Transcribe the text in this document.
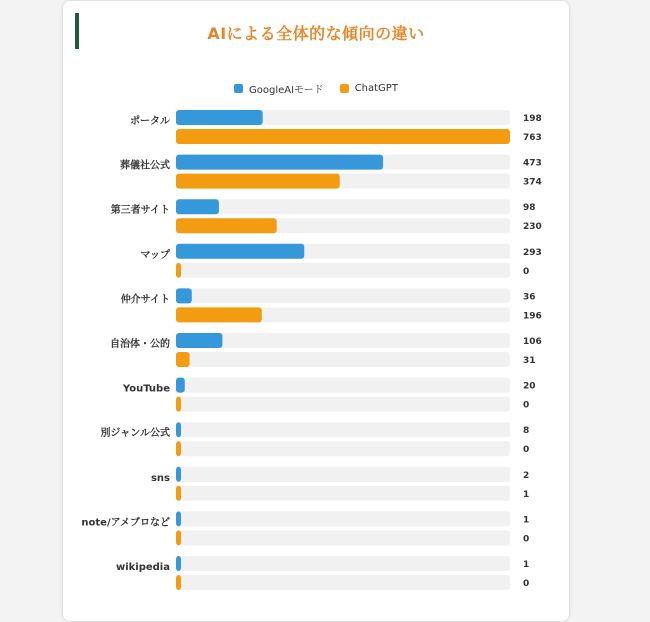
AIによる全体的な傾向の違い
GoogleAIモード	ChatGPT
ポータル	198
763
葬儀社公式	473
374
第三者サイト	98
230
マップ	293
0
仲介サイト	36
196
自治体・公的	106
31
YouTube	20
0
別ジャンル公式	8
0
sns	2
1
note/アメブロなど	1
0
wikipedia	1
0
